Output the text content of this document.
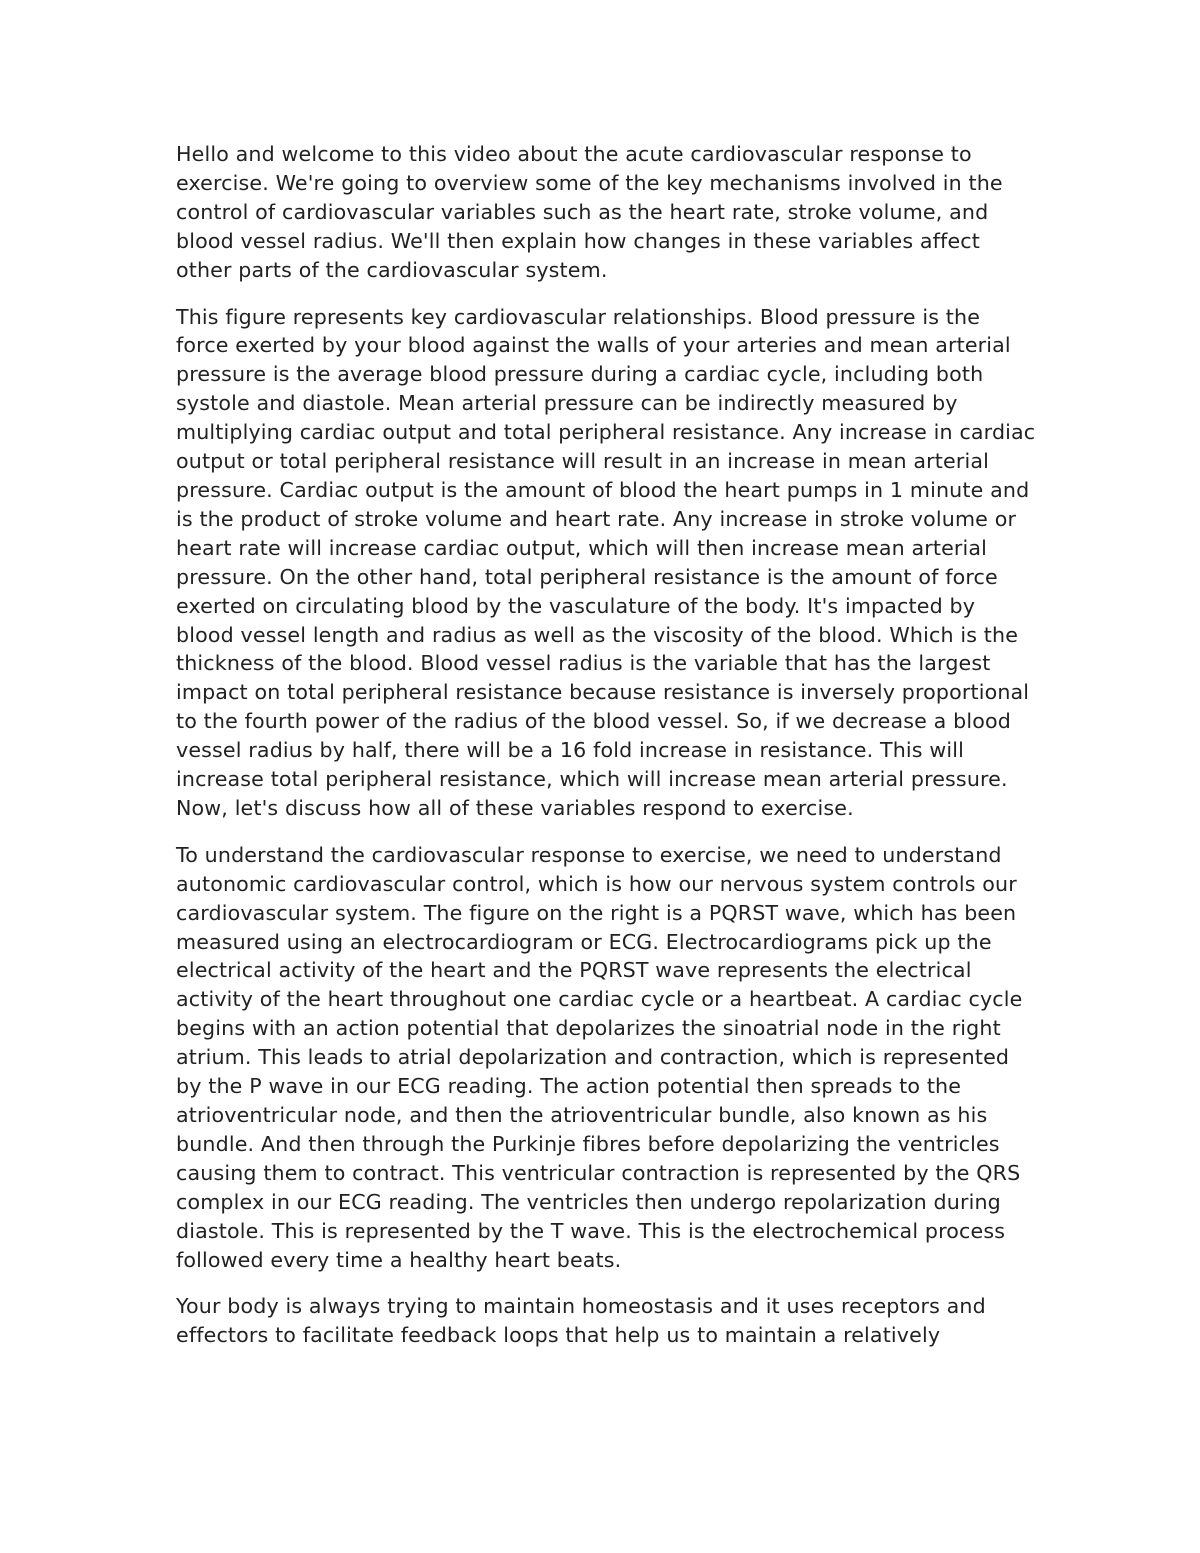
Hello and welcome to this video about the acute cardiovascular response to exercise. We're going to overview some of the key mechanisms involved in the control of cardiovascular variables such as the heart rate, stroke volume, and blood vessel radius. We'll then explain how changes in these variables affect other parts of the cardiovascular system.

This figure represents key cardiovascular relationships. Blood pressure is the force exerted by your blood against the walls of your arteries and mean arterial pressure is the average blood pressure during a cardiac cycle, including both systole and diastole. Mean arterial pressure can be indirectly measured by multiplying cardiac output and total peripheral resistance. Any increase in cardiac output or total peripheral resistance will result in an increase in mean arterial pressure. Cardiac output is the amount of blood the heart pumps in 1 minute and is the product of stroke volume and heart rate. Any increase in stroke volume or heart rate will increase cardiac output, which will then increase mean arterial pressure. On the other hand, total peripheral resistance is the amount of force exerted on circulating blood by the vasculature of the body. It's impacted by blood vessel length and radius as well as the viscosity of the blood. Which is the thickness of the blood. Blood vessel radius is the variable that has the largest impact on total peripheral resistance because resistance is inversely proportional to the fourth power of the radius of the blood vessel. So, if we decrease a blood vessel radius by half, there will be a 16 fold increase in resistance. This will increase total peripheral resistance, which will increase mean arterial pressure. Now, let's discuss how all of these variables respond to exercise.

To understand the cardiovascular response to exercise, we need to understand autonomic cardiovascular control, which is how our nervous system controls our cardiovascular system. The figure on the right is a PQRST wave, which has been measured using an electrocardiogram or ECG. Electrocardiograms pick up the electrical activity of the heart and the PQRST wave represents the electrical activity of the heart throughout one cardiac cycle or a heartbeat. A cardiac cycle begins with an action potential that depolarizes the sinoatrial node in the right atrium. This leads to atrial depolarization and contraction, which is represented by the P wave in our ECG reading. The action potential then spreads to the atrioventricular node, and then the atrioventricular bundle, also known as his bundle. And then through the Purkinje fibres before depolarizing the ventricles causing them to contract. This ventricular contraction is represented by the QRS complex in our ECG reading. The ventricles then undergo repolarization during diastole. This is represented by the T wave. This is the electrochemical process followed every time a healthy heart beats.

Your body is always trying to maintain homeostasis and it uses receptors and effectors to facilitate feedback loops that help us to maintain a relatively
